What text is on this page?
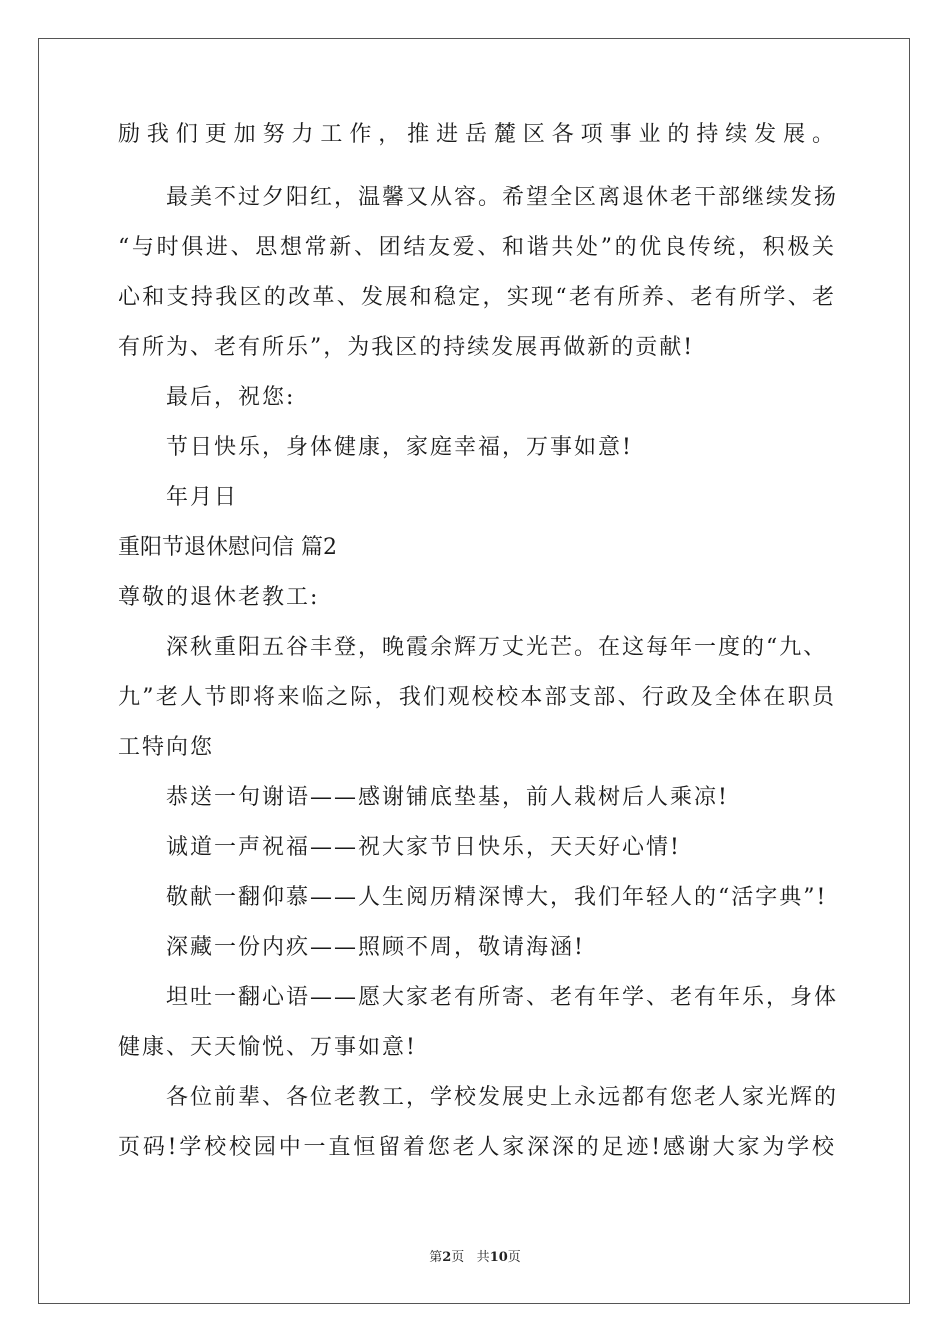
励我们更加努力工作，推进岳麓区各项事业的持续发展。
最美不过夕阳红，温馨又从容。希望全区离退休老干部继续发扬
“与时俱进、思想常新、团结友爱、和谐共处”的优良传统，积极关
心和支持我区的改革、发展和稳定，实现“老有所养、老有所学、老
有所为、老有所乐”，为我区的持续发展再做新的贡献!
最后，祝您:
节日快乐，身体健康，家庭幸福，万事如意!
年月日
重阳节退休慰问信 篇2
尊敬的退休老教工:
深秋重阳五谷丰登，晚霞余辉万丈光芒。在这每年一度的“九、
九”老人节即将来临之际，我们观校校本部支部、行政及全体在职员
工特向您
恭送一句谢语——感谢铺底垫基，前人栽树后人乘凉!
诚道一声祝福——祝大家节日快乐，天天好心情!
敬献一翻仰慕——人生阅历精深博大，我们年轻人的“活字典”!
深藏一份内疚——照顾不周，敬请海涵!
坦吐一翻心语——愿大家老有所寄、老有年学、老有年乐，身体
健康、天天愉悦、万事如意!
各位前辈、各位老教工，学校发展史上永远都有您老人家光辉的
页码!学校校园中一直恒留着您老人家深深的足迹!感谢大家为学校
第2页 共10页
